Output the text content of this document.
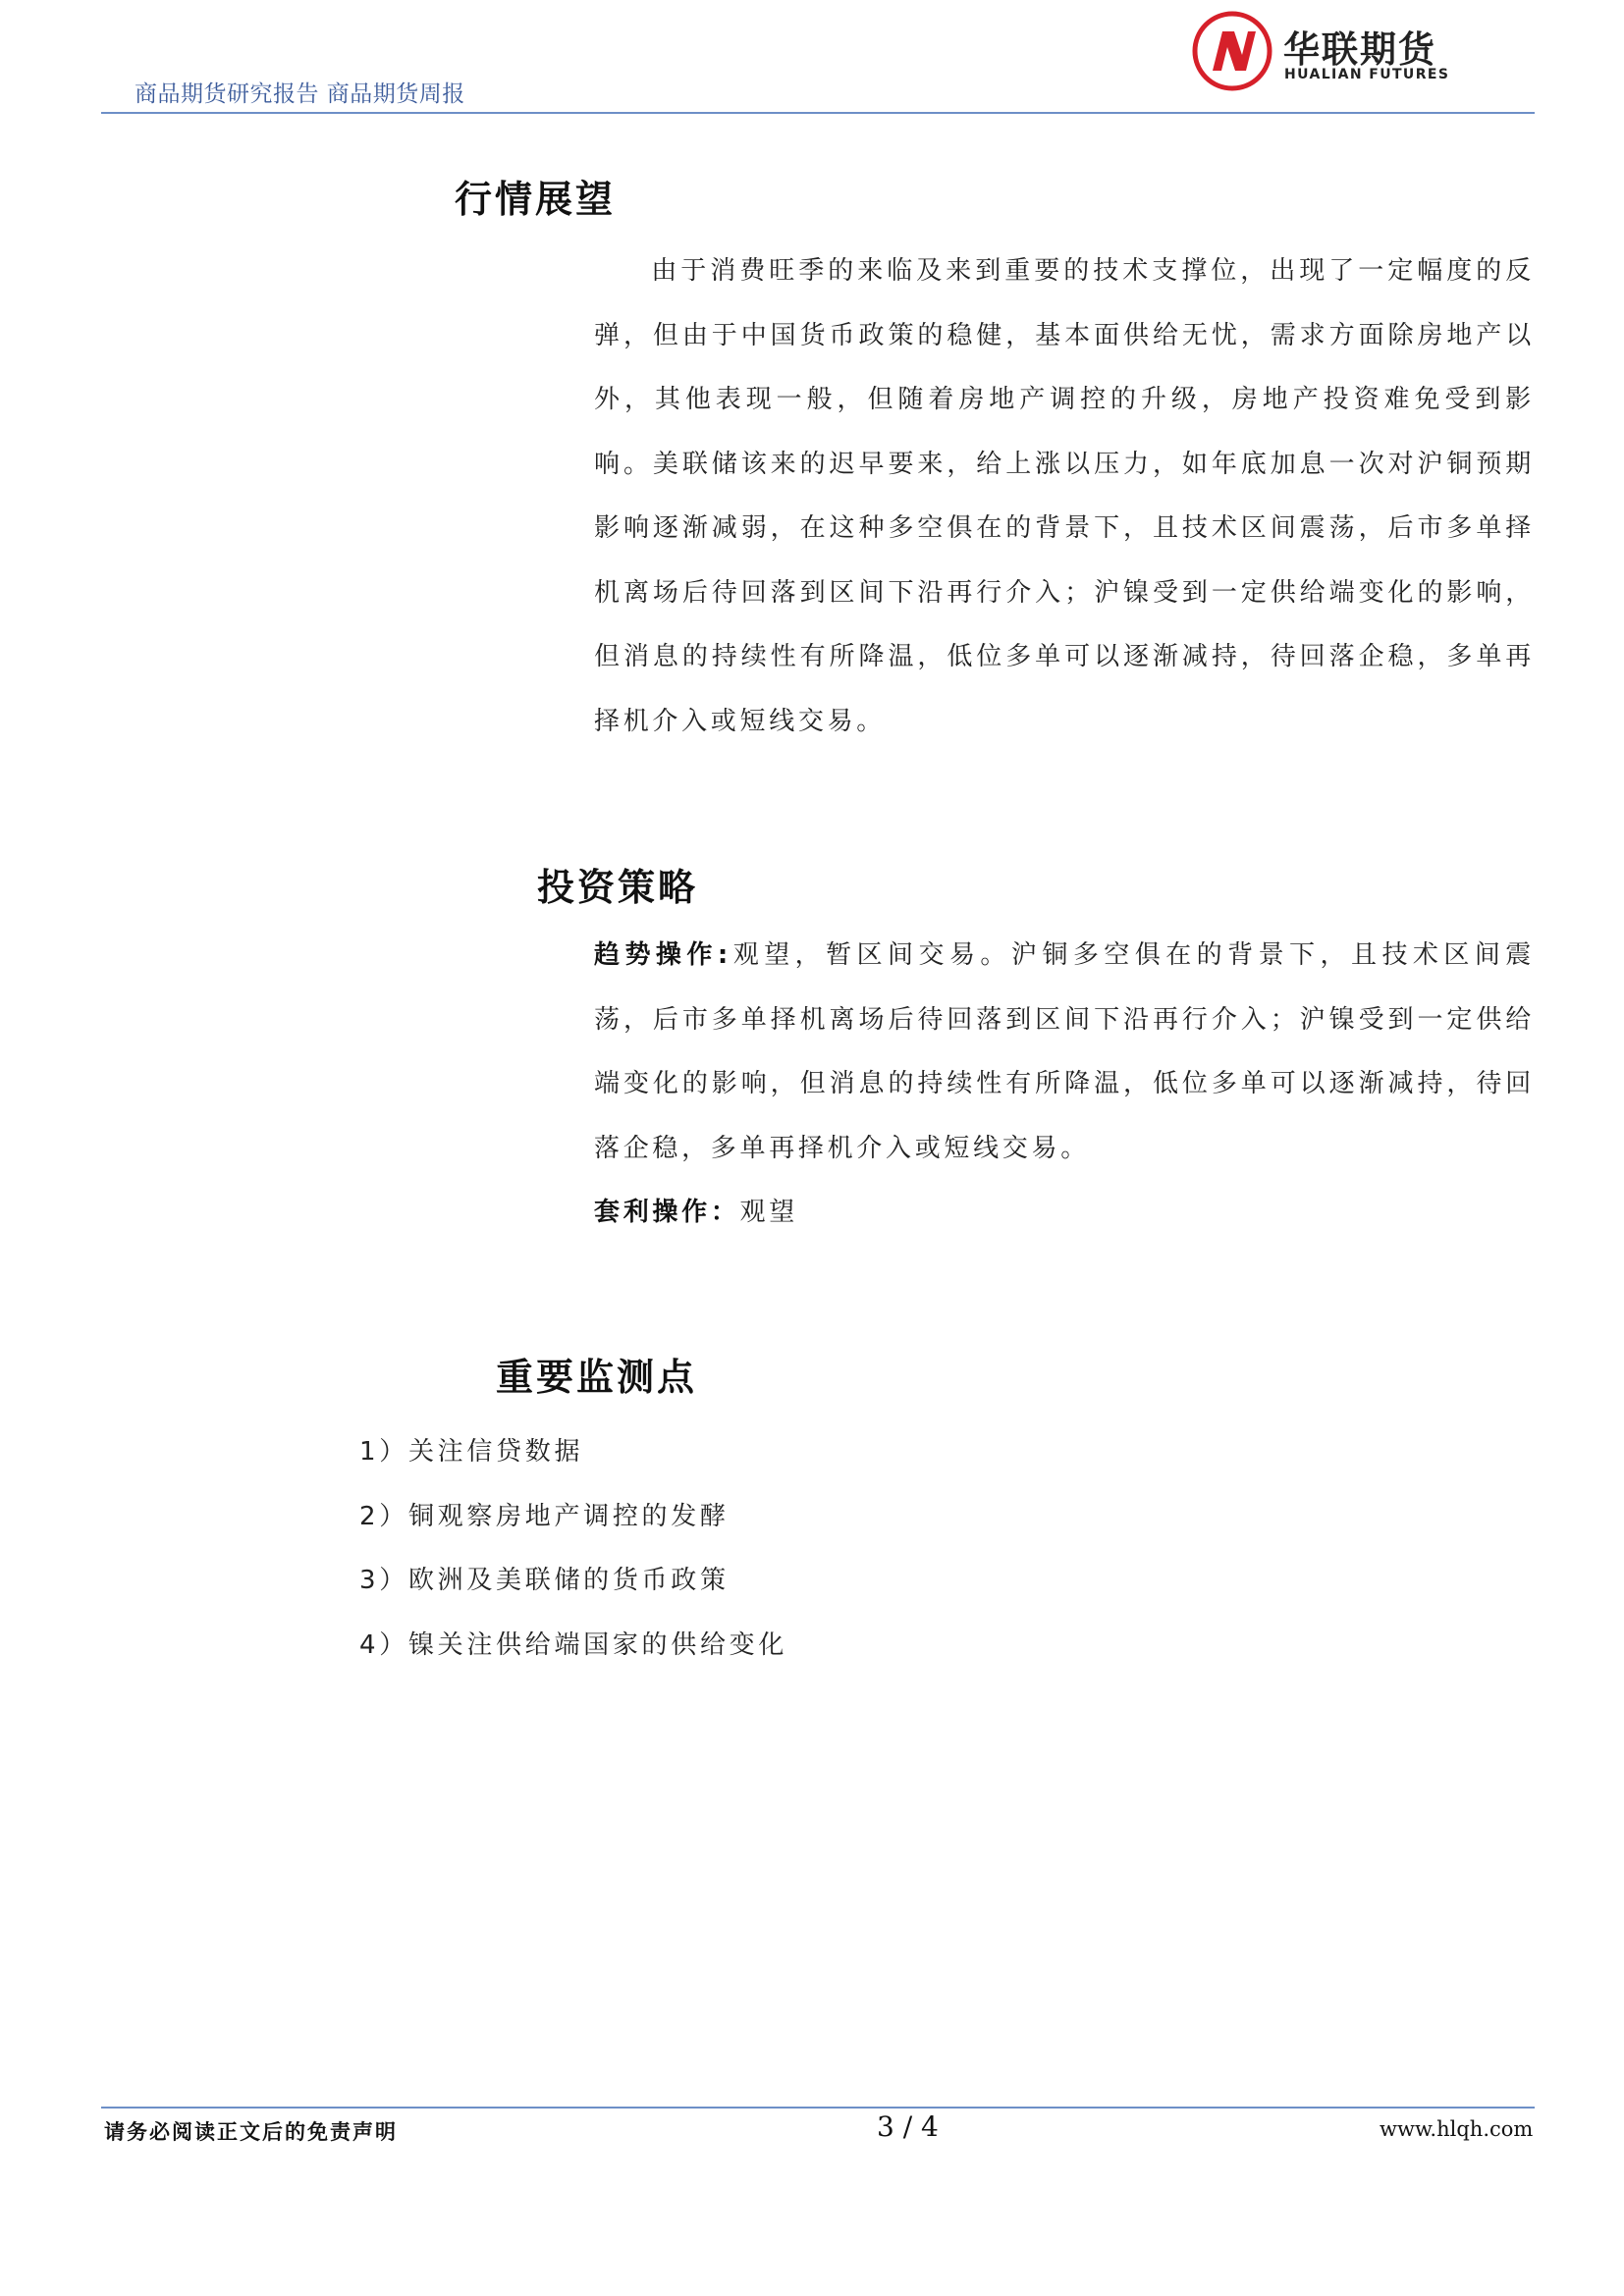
商品期货研究报告 商品期货周报
华联期货
HUALIAN FUTURES
行情展望

由于消费旺季的来临及来到重要的技术支撑位，出现了一定幅度的反弹，但由于中国货币政策的稳健，基本面供给无忧，需求方面除房地产以外，其他表现一般，但随着房地产调控的升级，房地产投资难免受到影响。美联储该来的迟早要来，给上涨以压力，如年底加息一次对沪铜预期影响逐渐减弱，在这种多空俱在的背景下，且技术区间震荡，后市多单择机离场后待回落到区间下沿再行介入；沪镍受到一定供给端变化的影响，但消息的持续性有所降温，低位多单可以逐渐减持，待回落企稳，多单再择机介入或短线交易。

投资策略

趋势操作:观望，暂区间交易。沪铜多空俱在的背景下，且技术区间震荡，后市多单择机离场后待回落到区间下沿再行介入；沪镍受到一定供给端变化的影响，但消息的持续性有所降温，低位多单可以逐渐减持，待回落企稳，多单再择机介入或短线交易。

套利操作：观望

重要监测点
1）关注信贷数据
2）铜观察房地产调控的发酵
3）欧洲及美联储的货币政策
4）镍关注供给端国家的供给变化
请务必阅读正文后的免责声明	3 / 4	www.hlqh.com
